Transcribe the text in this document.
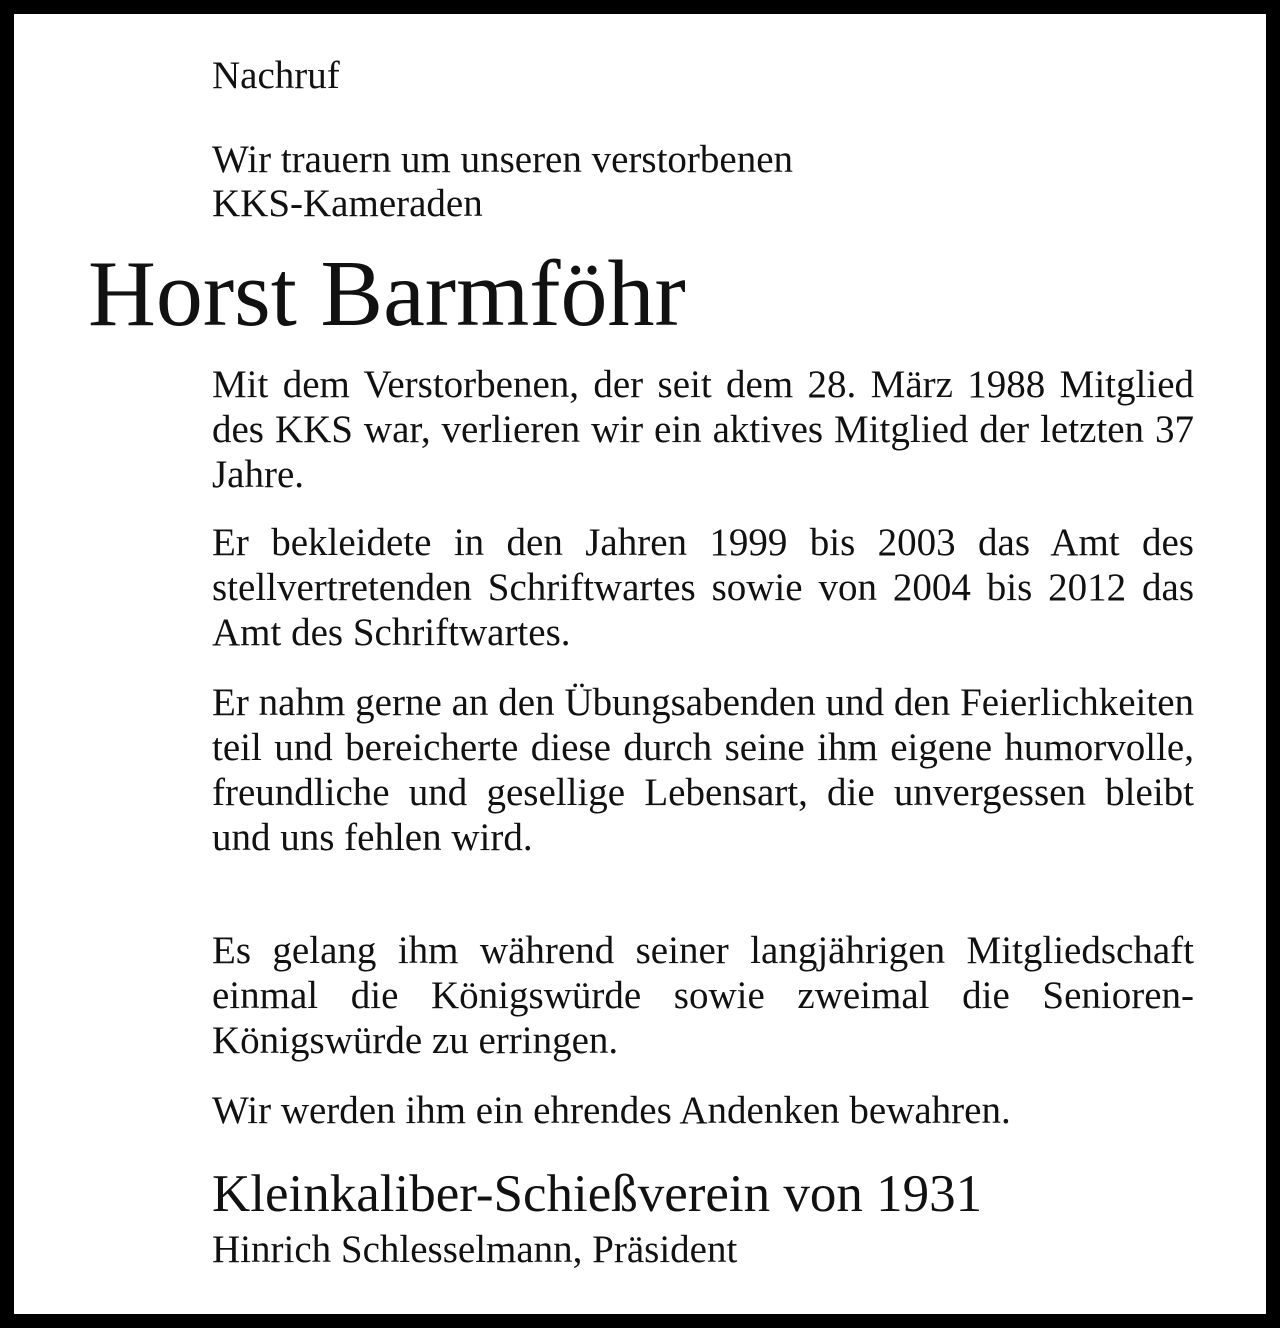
Nachruf

Wir trauern um unseren verstorbenen
KKS-Kameraden

Horst Barmföhr

Mit dem Verstorbenen, der seit dem 28. März 1988 Mitglied des KKS war, verlieren wir ein aktives Mitglied der letzten 37 Jahre.

Er bekleidete in den Jahren 1999 bis 2003 das Amt des stellvertretenden Schriftwartes sowie von 2004 bis 2012 das Amt des Schriftwartes.

Er nahm gerne an den Übungsabenden und den Feierlichkeiten teil und bereicherte diese durch seine ihm eigene humorvolle, freundliche und gesellige Lebensart, die unvergessen bleibt und uns fehlen wird.

Es gelang ihm während seiner langjährigen Mitgliedschaft einmal die Königswürde sowie zweimal die Senioren-Königswürde zu erringen.

Wir werden ihm ein ehrendes Andenken bewahren.

Kleinkaliber-Schießverein von 1931

Hinrich Schlesselmann, Präsident
